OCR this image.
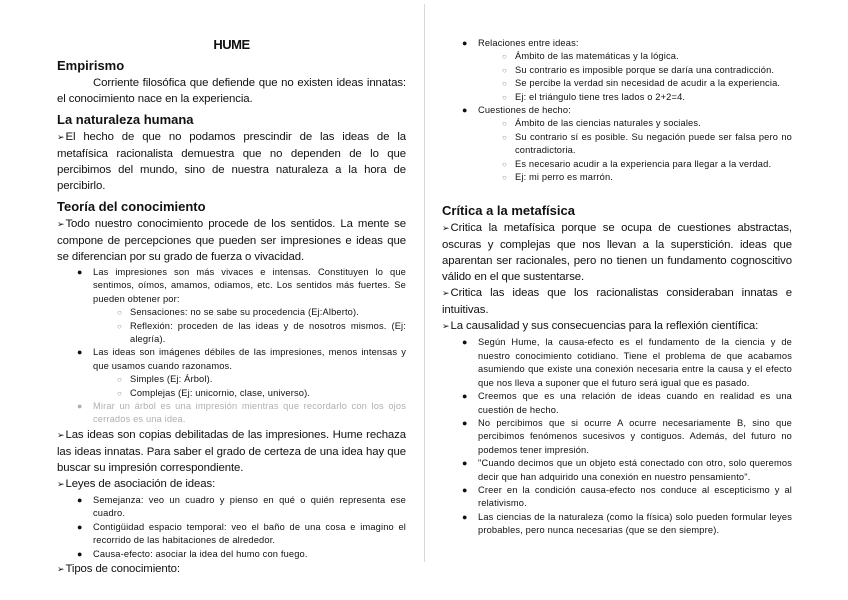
HUME
Empirismo
Corriente filosófica que defiende que no existen ideas innatas: el conocimiento nace en la experiencia.
La naturaleza humana
➢El hecho de que no podamos prescindir de las ideas de la metafísica racionalista demuestra que no dependen de lo que percibimos del mundo, sino de nuestra naturaleza a la hora de percibirlo.
Teoría del conocimiento
➢Todo nuestro conocimiento procede de los sentidos. La mente se compone de percepciones que pueden ser impresiones e ideas que se diferencian por su grado de fuerza o vivacidad.
● Las impresiones son más vivaces e intensas. Constituyen lo que sentimos, oímos, amamos, odiamos, etc. Los sentidos más fuertes. Se pueden obtener por:
○ Sensaciones: no se sabe su procedencia (Ej:Alberto).
○ Reflexión: proceden de las ideas y de nosotros mismos. (Ej: alegría).
● Las ideas son imágenes débiles de las impresiones, menos intensas y que usamos cuando razonamos.
○ Simples (Ej: Árbol).
○ Complejas (Ej: unicornio, clase, universo).
● Mirar un árbol es una impresión mientras que recordarlo con los ojos cerrados es una idea.
➢Las ideas son copias debilitadas de las impresiones. Hume rechaza las ideas innatas. Para saber el grado de certeza de una idea hay que buscar su impresión correspondiente.
➢Leyes de asociación de ideas:
● Semejanza: veo un cuadro y pienso en qué o quién representa ese cuadro.
● Contigüidad espacio temporal: veo el baño de una cosa e imagino el recorrido de las habitaciones de alrededor.
● Causa-efecto: asociar la idea del humo con fuego.
➢Tipos de conocimiento:
● Relaciones entre ideas:
○ Ámbito de las matemáticas y la lógica.
○ Su contrario es imposible porque se daría una contradicción.
○ Se percibe la verdad sin necesidad de acudir a la experiencia.
○ Ej: el triángulo tiene tres lados o 2+2=4.
● Cuestiones de hecho:
○ Ámbito de las ciencias naturales y sociales.
○ Su contrario sí es posible. Su negación puede ser falsa pero no contradictoria.
○ Es necesario acudir a la experiencia para llegar a la verdad.
○ Ej: mi perro es marrón.
Crítica a la metafísica
➢Critica la metafísica porque se ocupa de cuestiones abstractas, oscuras y complejas que nos llevan a la superstición. ideas que aparentan ser racionales, pero no tienen un fundamento cognoscitivo válido en el que sustentarse.
➢Critica las ideas que los racionalistas consideraban innatas e intuitivas.
➢La causalidad y sus consecuencias para la reflexión científica:
● Según Hume, la causa-efecto es el fundamento de la ciencia y de nuestro conocimiento cotidiano. Tiene el problema de que acabamos asumiendo que existe una conexión necesaria entre la causa y el efecto que nos lleva a suponer que el futuro será igual que es pasado.
● Creemos que es una relación de ideas cuando en realidad es una cuestión de hecho.
● No percibimos que si ocurre A ocurre necesariamente B, sino que percibimos fenómenos sucesivos y contiguos. Además, del futuro no podemos tener impresión.
● "Cuando decimos que un objeto está conectado con otro, solo queremos decir que han adquirido una conexión en nuestro pensamiento".
● Creer en la condición causa-efecto nos conduce al escepticismo y al relativismo.
● Las ciencias de la naturaleza (como la física) solo pueden formular leyes probables, pero nunca necesarias (que se den siempre).
